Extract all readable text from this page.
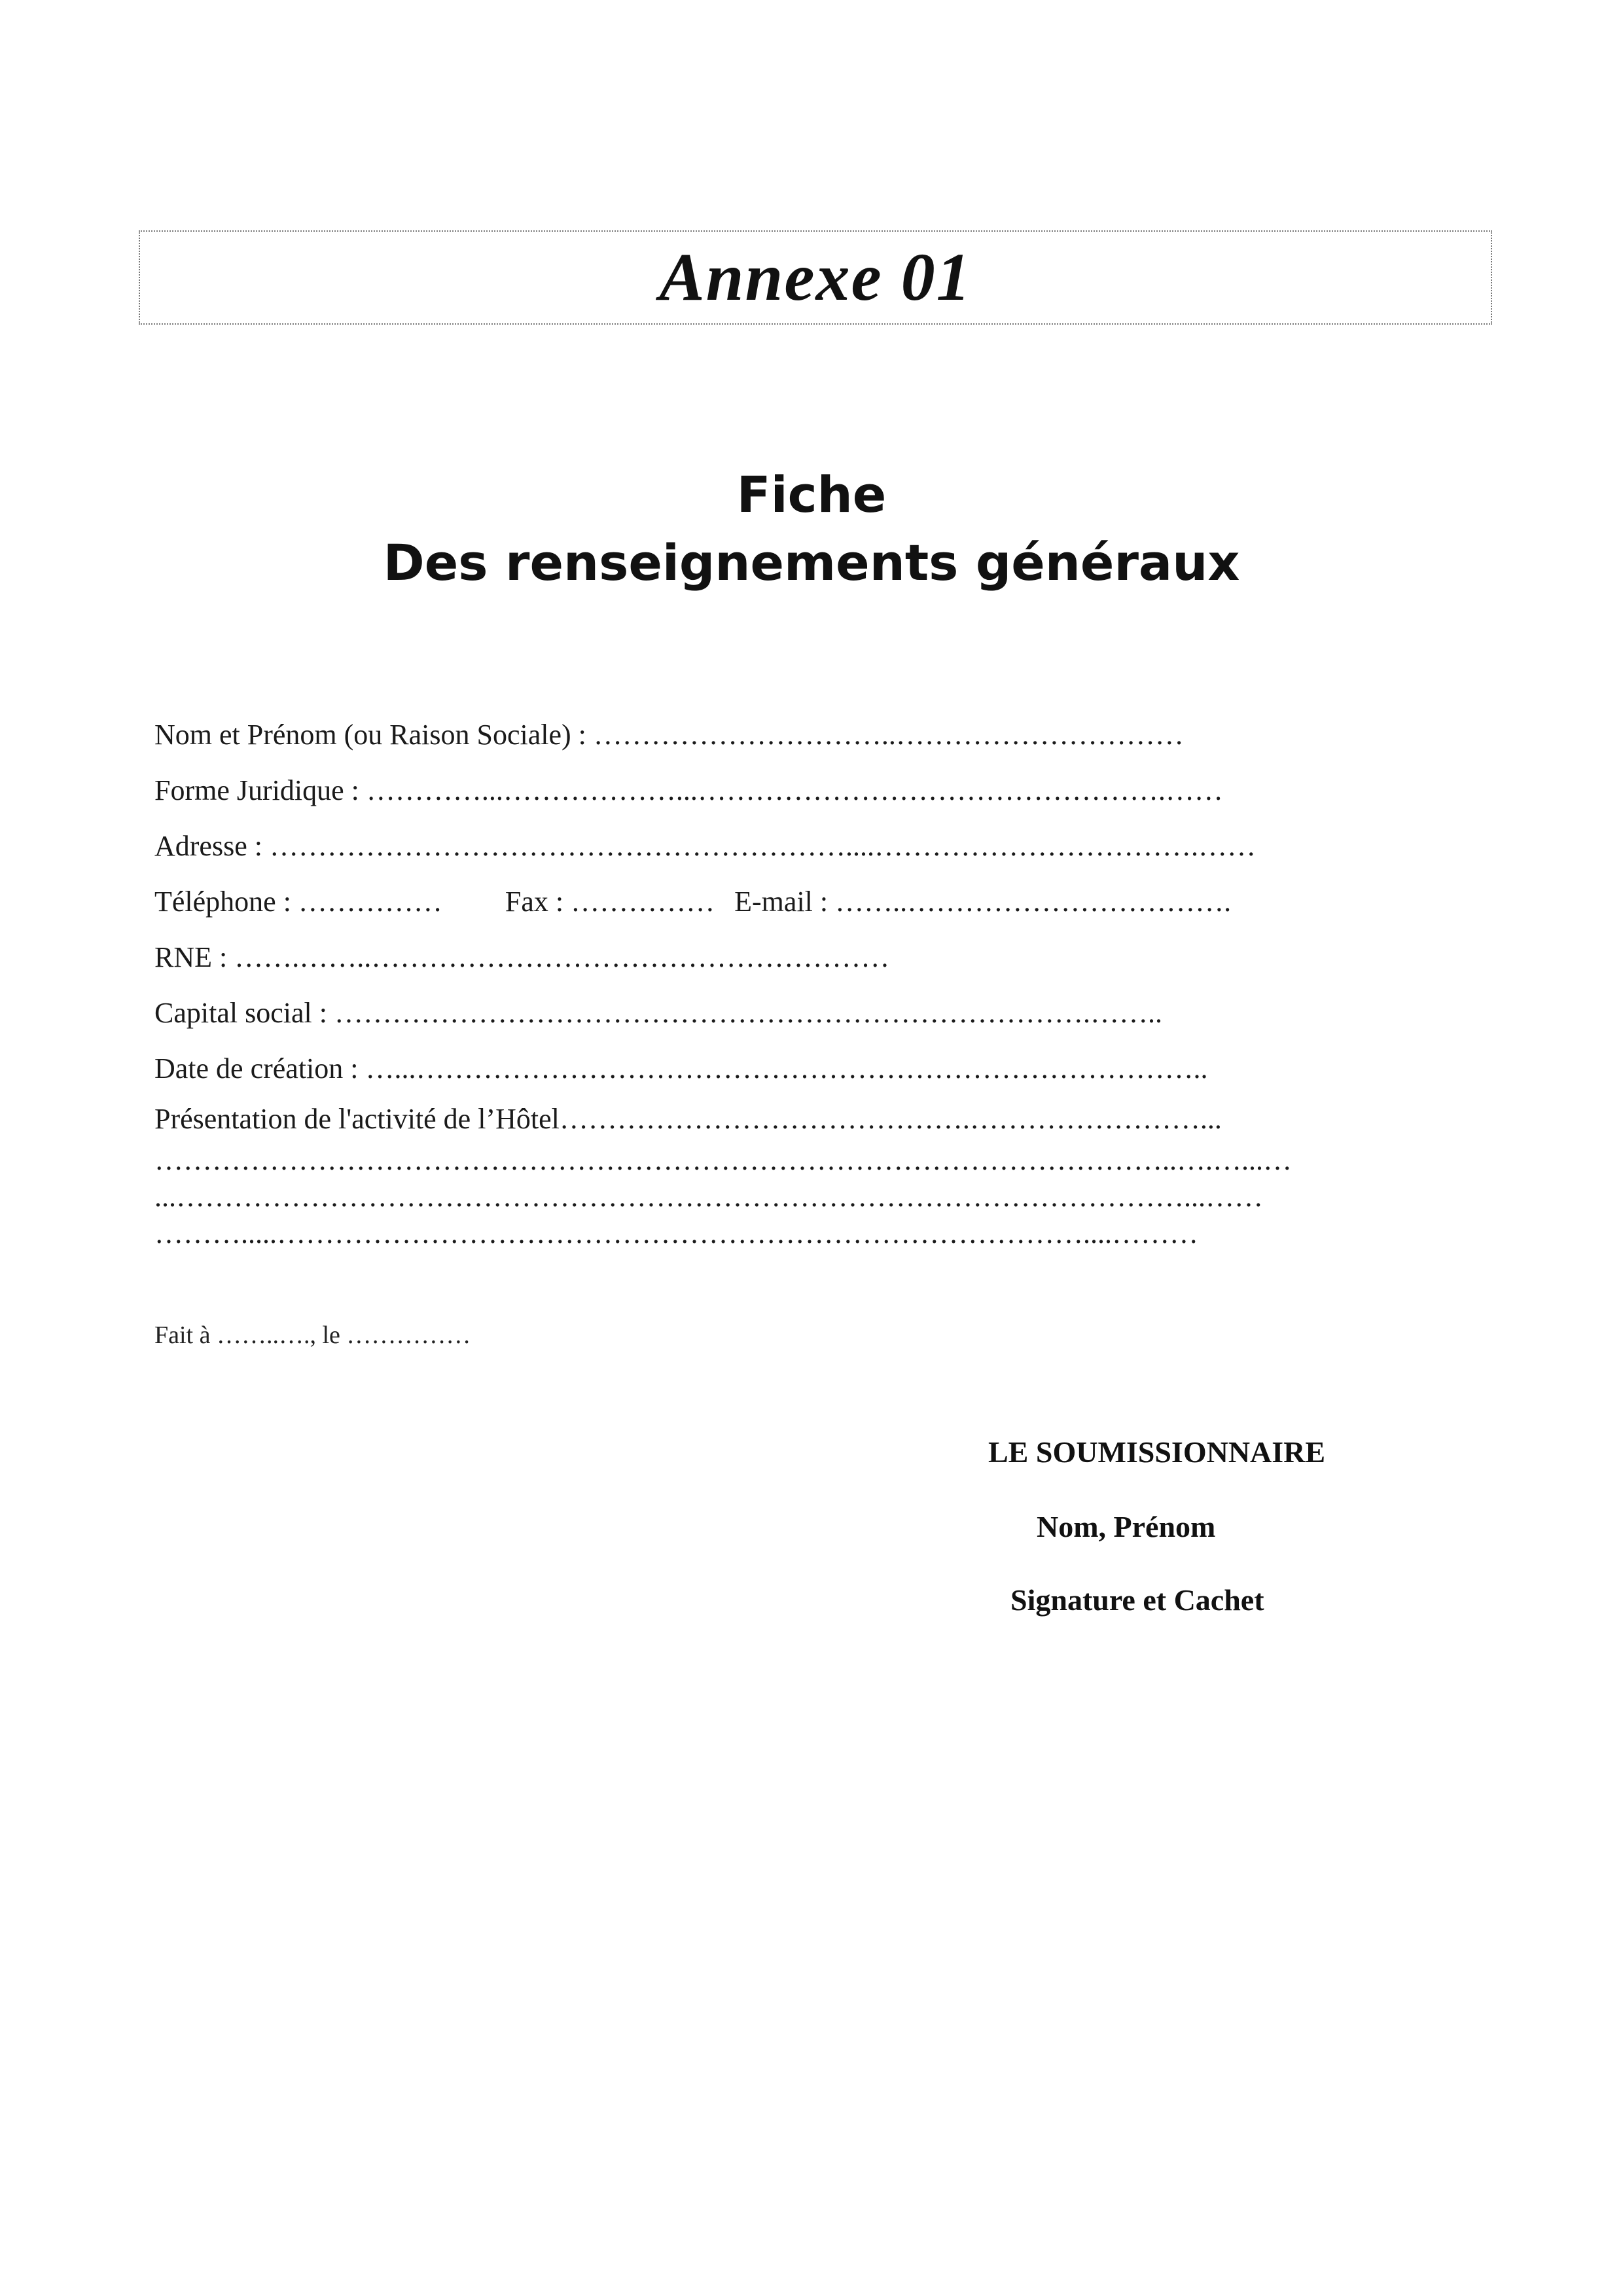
Annexe 01
Fiche
Des renseignements généraux
Nom et Prénom (ou Raison Sociale) : …………………………..…………………………
Forme Juridique : …………...………………...………………………………………….……
Adresse : ……………………………………………………....…………………………….……
Téléphone : …………… Fax : …………… E-mail : ……..…………………………….
RNE : …….……..………………………………………………
Capital social : …………………………………………………………………….……..
Date de création : …...………………………………………………………………………..
Présentation de l'activité de l’Hôtel…………………………………….……………………...
……………………………………………………………………………………………..….…...…
...……………………………………………………………………………………………...……
……….....…………………………………………………………………………....………
Fait à ……..…., le ……………
LE SOUMISSIONNAIRE
Nom, Prénom
Signature et Cachet
